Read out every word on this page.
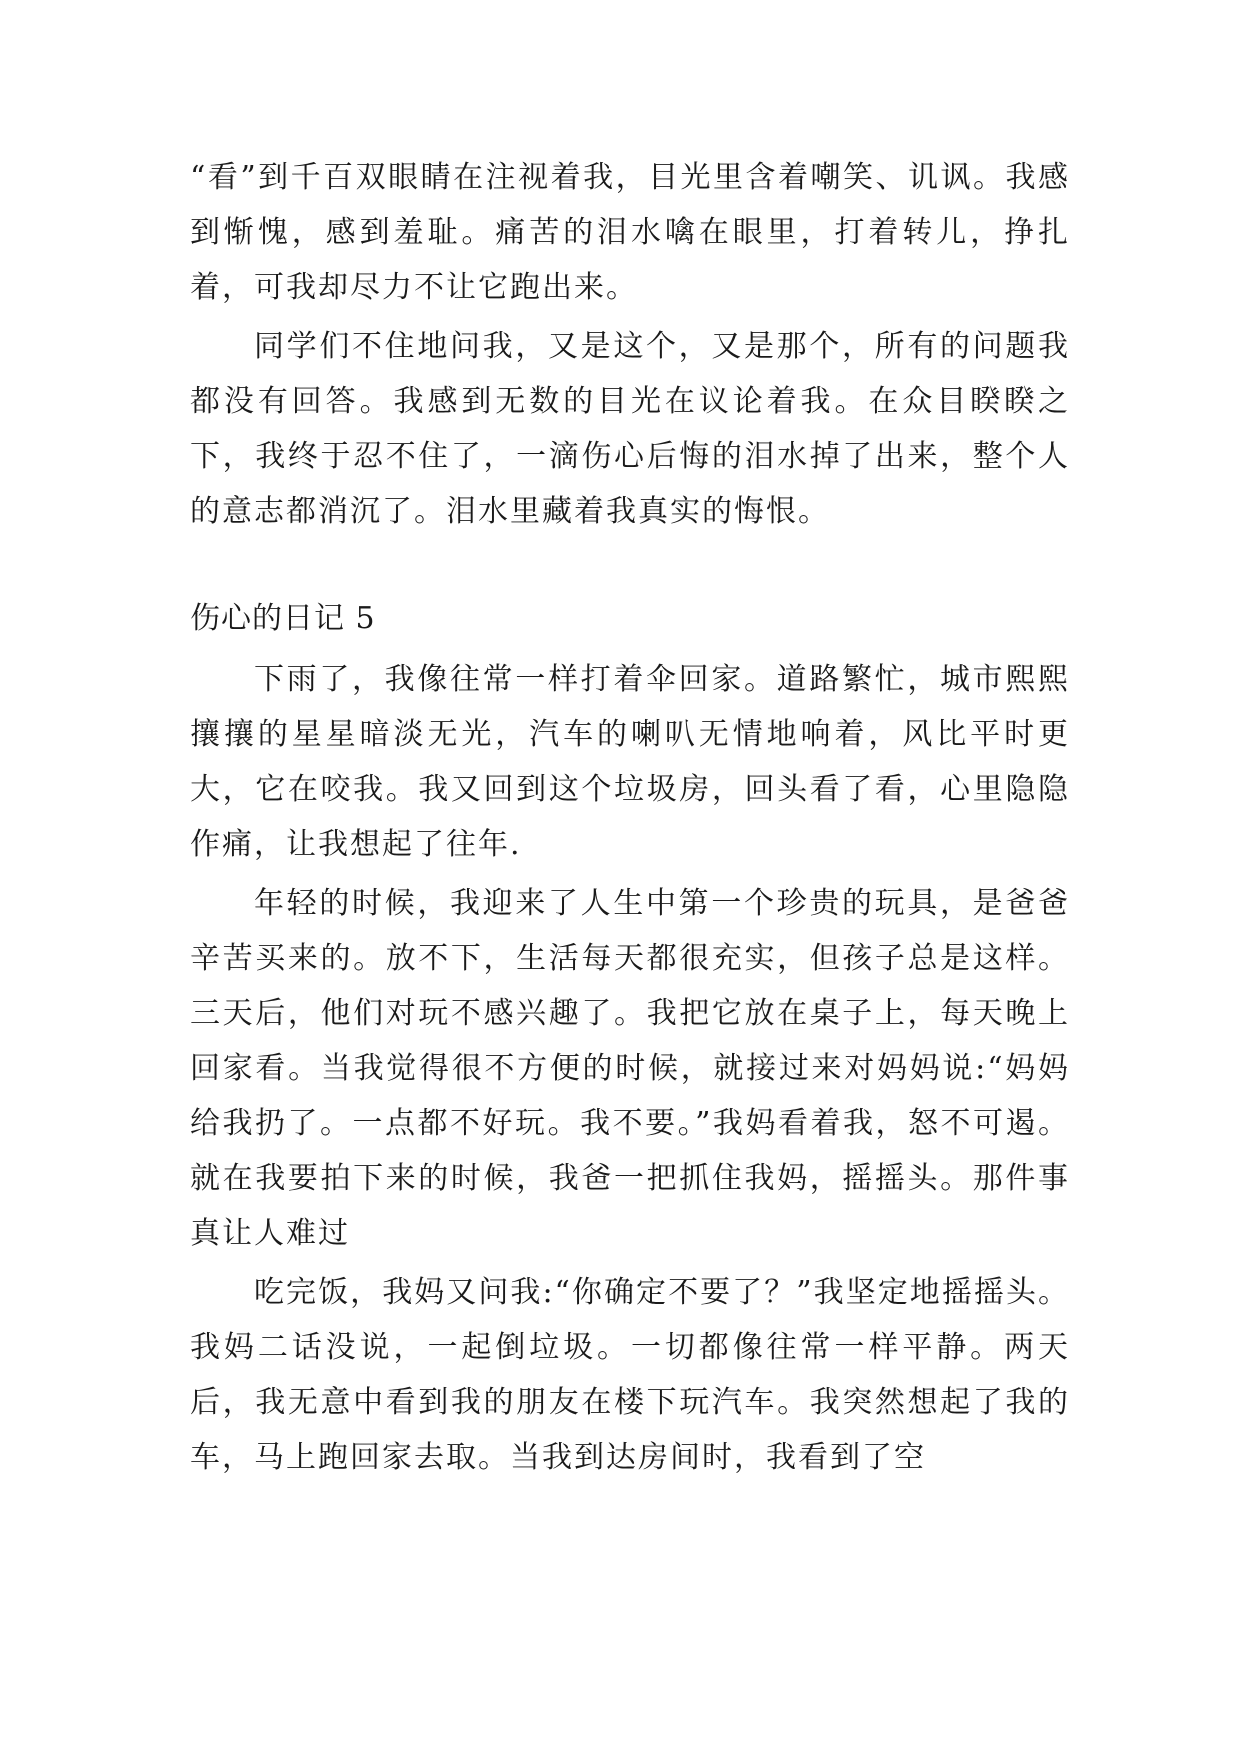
“看”到千百双眼睛在注视着我，目光里含着嘲笑、讥讽。我感到惭愧，感到羞耻。痛苦的泪水噙在眼里，打着转儿，挣扎着，可我却尽力不让它跑出来。

同学们不住地问我，又是这个，又是那个，所有的问题我都没有回答。我感到无数的目光在议论着我。在众目睽睽之下，我终于忍不住了，一滴伤心后悔的泪水掉了出来，整个人的意志都消沉了。泪水里藏着我真实的悔恨。

伤心的日记 5

下雨了，我像往常一样打着伞回家。道路繁忙，城市熙熙攘攘的星星暗淡无光，汽车的喇叭无情地响着，风比平时更大，它在咬我。我又回到这个垃圾房，回头看了看，心里隐隐作痛，让我想起了往年.

年轻的时候，我迎来了人生中第一个珍贵的玩具，是爸爸辛苦买来的。放不下，生活每天都很充实，但孩子总是这样。三天后，他们对玩不感兴趣了。我把它放在桌子上，每天晚上回家看。当我觉得很不方便的时候，就接过来对妈妈说:“妈妈给我扔了。一点都不好玩。我不要。”我妈看着我，怒不可遏。就在我要拍下来的时候，我爸一把抓住我妈，摇摇头。那件事真让人难过

吃完饭，我妈又问我:“你确定不要了？”我坚定地摇摇头。我妈二话没说，一起倒垃圾。一切都像往常一样平静。两天后，我无意中看到我的朋友在楼下玩汽车。我突然想起了我的车，马上跑回家去取。当我到达房间时，我看到了空
